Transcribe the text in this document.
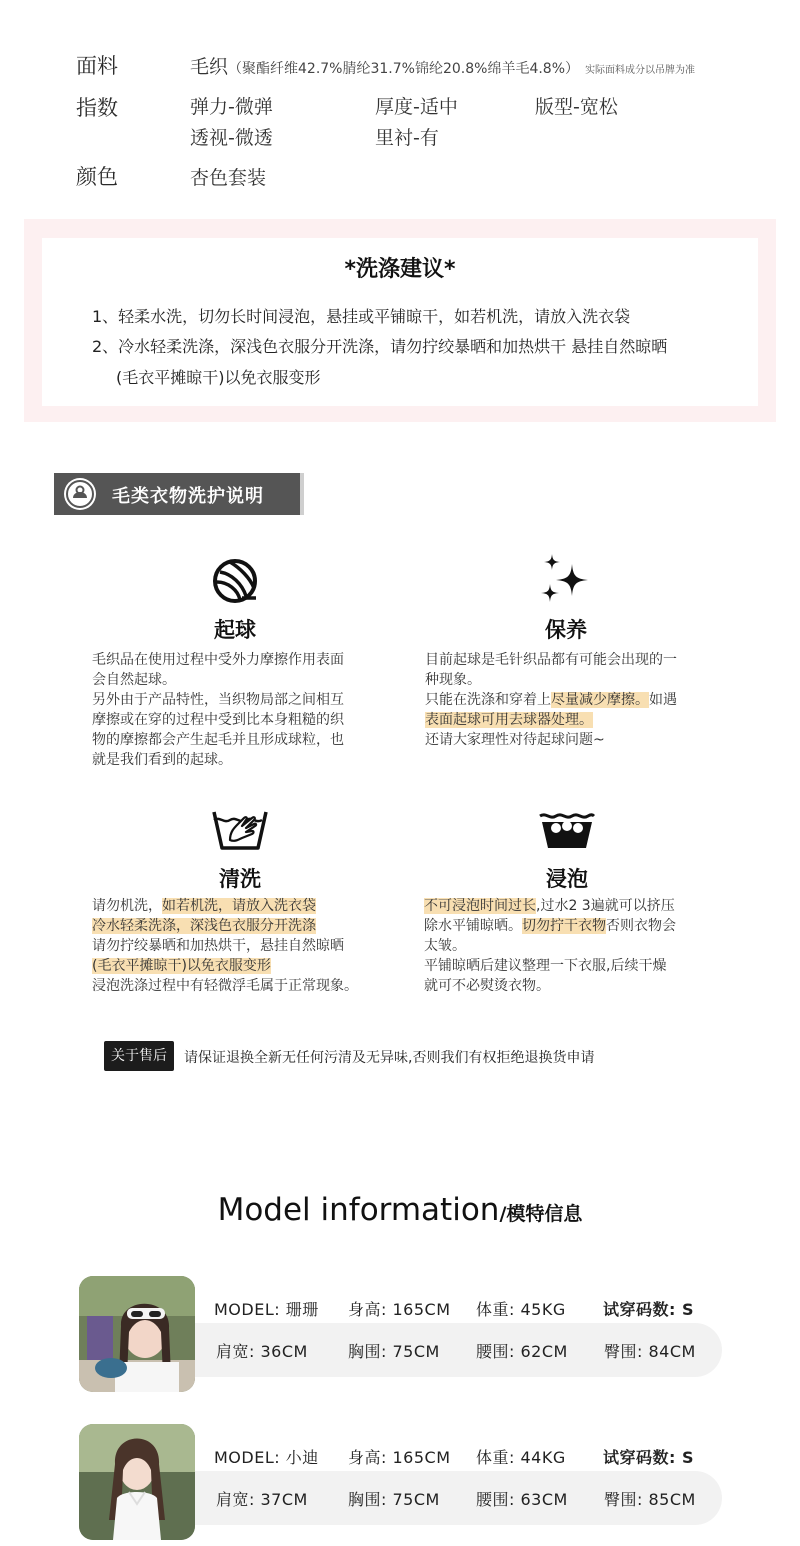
面料	毛织（聚酯纤维42.7%腈纶31.7%锦纶20.8%绵羊毛4.8%） 实际面料成分以吊牌为准
指数	弹力-微弹	厚度-适中	版型-宽松
透视-微透	里衬-有
颜色	杏色套装
*洗涤建议*
1、轻柔水洗，切勿长时间浸泡，悬挂或平铺晾干，如若机洗，请放入洗衣袋
2、冷水轻柔洗涤，深浅色衣服分开洗涤，请勿拧绞暴晒和加热烘干 悬挂自然晾晒
(毛衣平摊晾干)以免衣服变形
毛类衣物洗护说明
起球
毛织品在使用过程中受外力摩擦作用表面
会自然起球。
另外由于产品特性，当织物局部之间相互
摩擦或在穿的过程中受到比本身粗糙的织
物的摩擦都会产生起毛并且形成球粒，也
就是我们看到的起球。
保养
目前起球是毛针织品都有可能会出现的一
种现象。
只能在洗涤和穿着上尽量减少摩擦。如遇
表面起球可用去球器处理。
还请大家理性对待起球问题~
清洗
请勿机洗，如若机洗，请放入洗衣袋
冷水轻柔洗涤，深浅色衣服分开洗涤
请勿拧绞暴晒和加热烘干，悬挂自然晾晒
(毛衣平摊晾干)以免衣服变形
浸泡洗涤过程中有轻微浮毛属于正常现象。
浸泡
不可浸泡时间过长,过水2 3遍就可以挤压
除水平铺晾晒。切勿拧干衣物否则衣物会
太皱。
平铺晾晒后建议整理一下衣服,后续干燥
就可不必熨烫衣物。
关于售后	请保证退换全新无任何污清及无异味,否则我们有权拒绝退换货申请
Model information/模特信息
MODEL: 珊珊 身高: 165CM 体重: 45KG 试穿码数: S
肩宽: 36CM	胸围: 75CM 腰围: 62CM 臀围: 84CM
MODEL: 小迪 身高: 165CM 体重: 44KG 试穿码数: S
肩宽: 37CM	胸围: 75CM 腰围: 63CM 臀围: 85CM
